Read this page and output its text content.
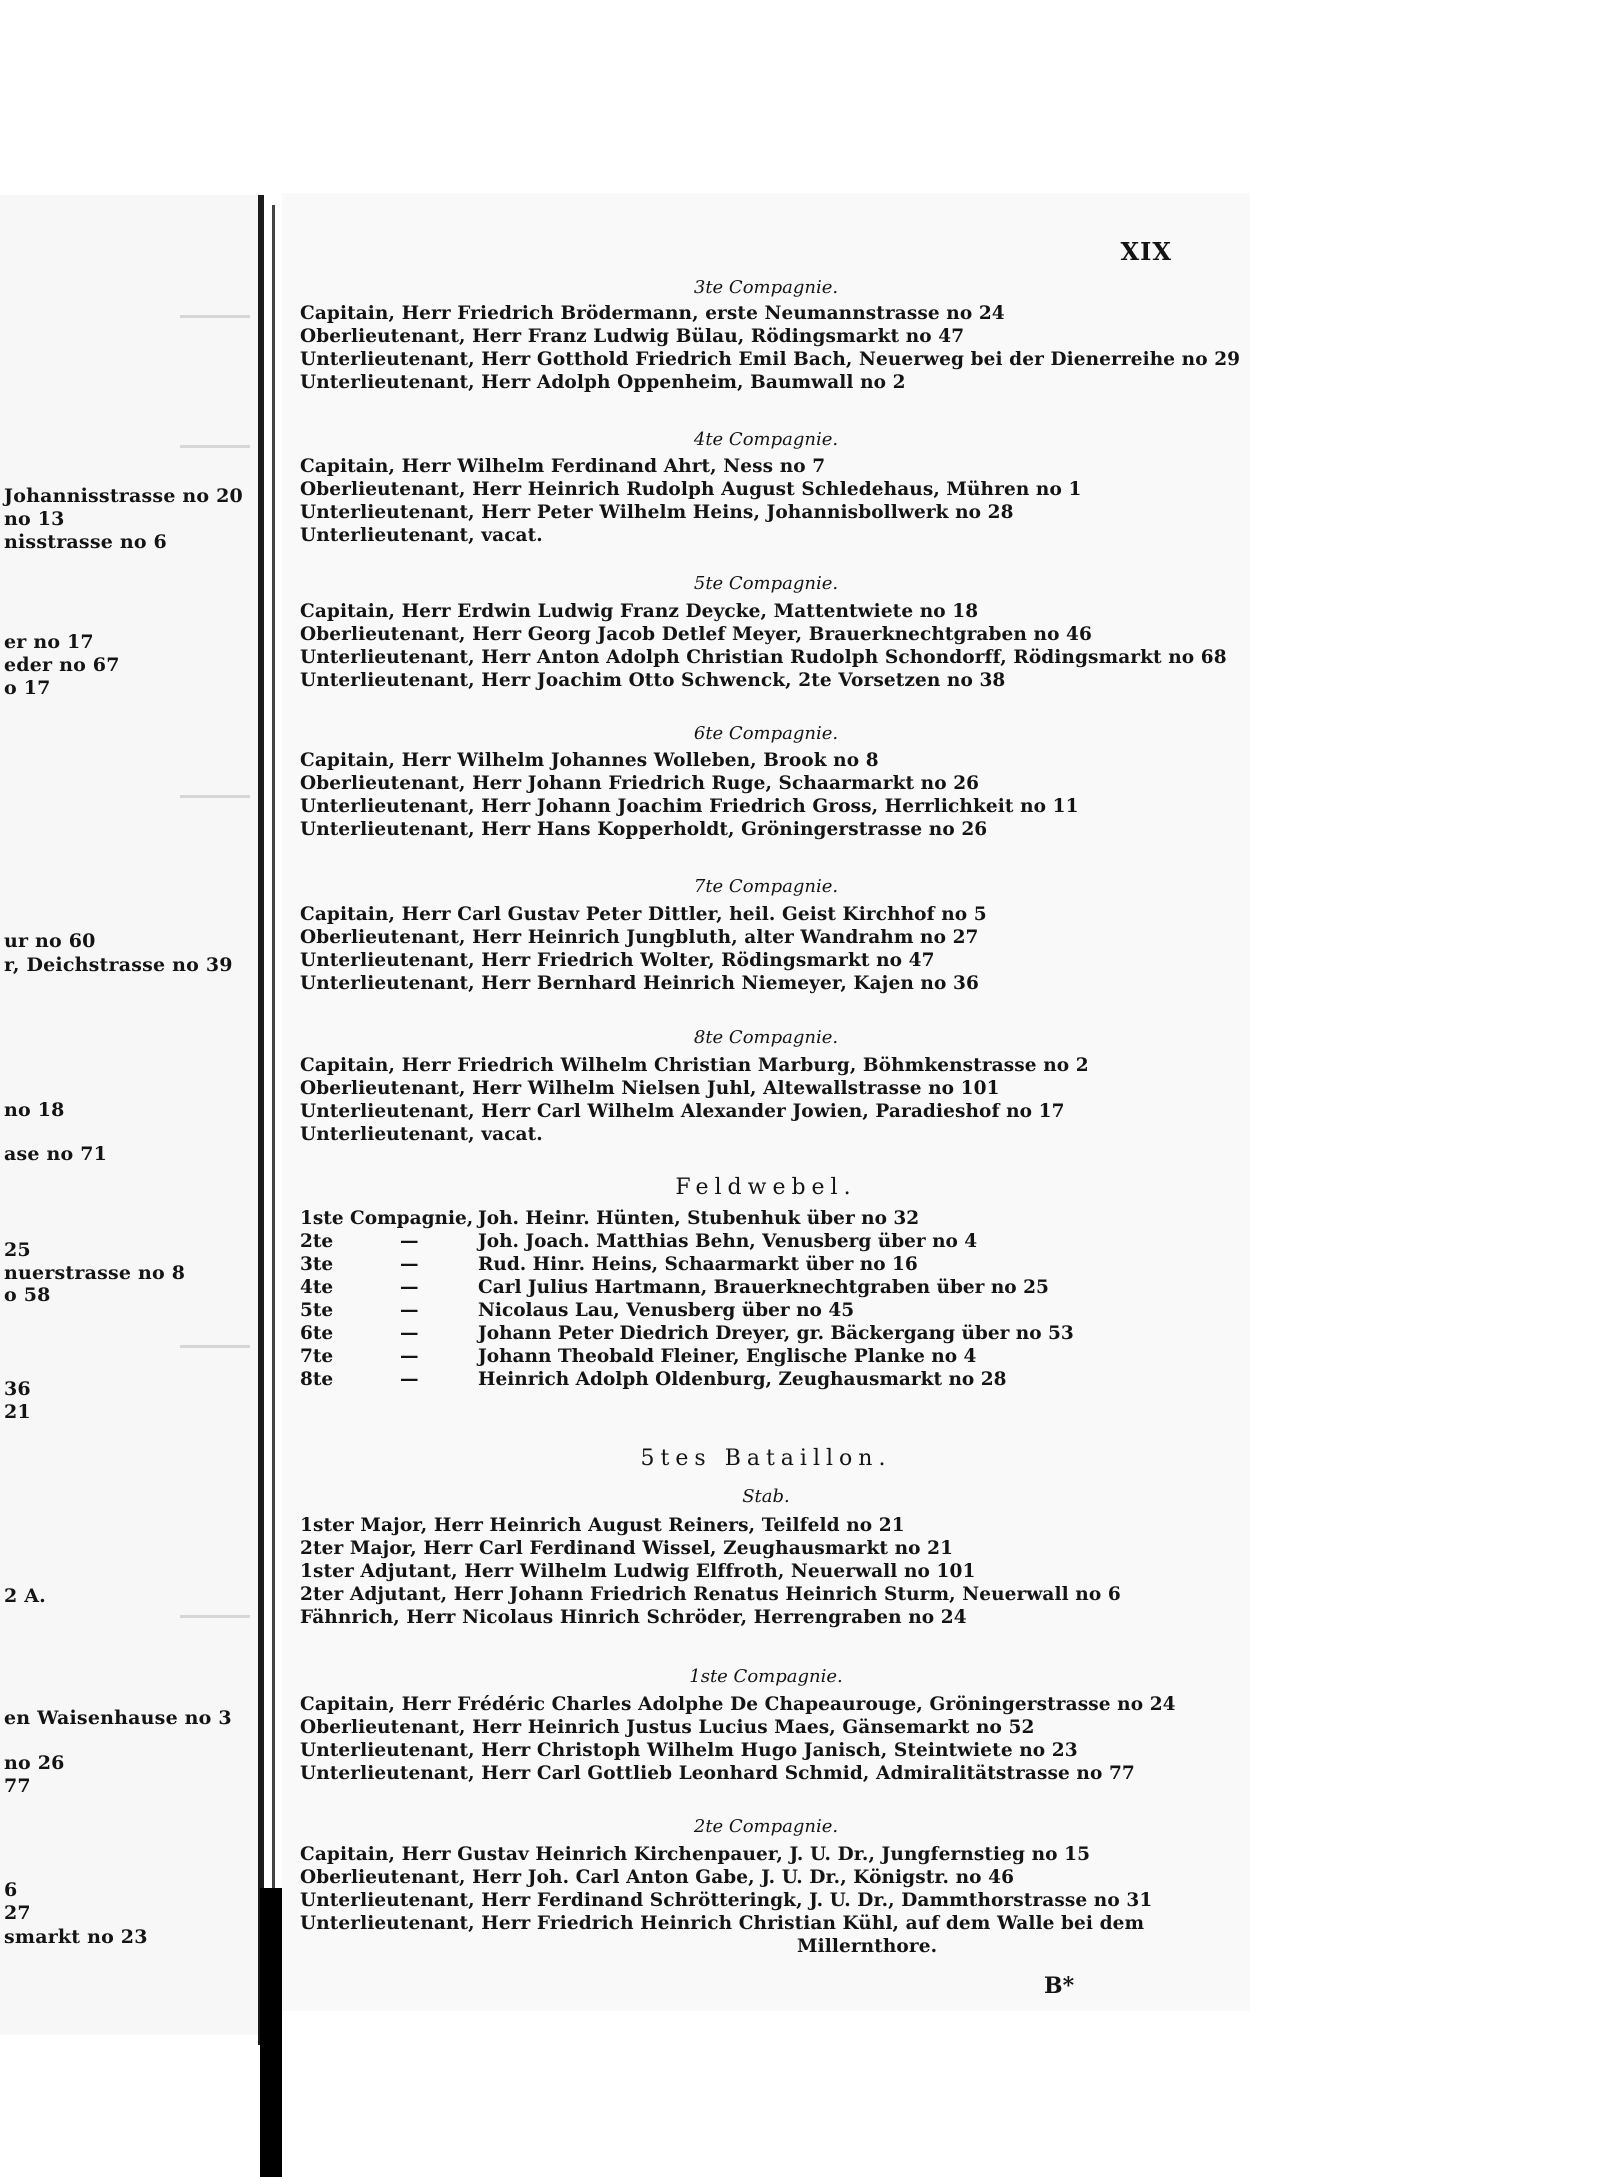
Johannisstrasse no 20
no 13
nisstrasse no 6
er no 17
eder no 67
o 17
ur no 60
r, Deichstrasse no 39
no 18
ase no 71
25
nuerstrasse no 8
o 58
36
21
2 A.
en Waisenhause no 3
no 26
77
6
27
smarkt no 23
XIX
3te Compagnie.
Capitain, Herr Friedrich Brödermann, erste Neumannstrasse no 24
Oberlieutenant, Herr Franz Ludwig Bülau, Rödingsmarkt no 47
Unterlieutenant, Herr Gotthold Friedrich Emil Bach, Neuerweg bei der Dienerreihe no 29
Unterlieutenant, Herr Adolph Oppenheim, Baumwall no 2
4te Compagnie.
Capitain, Herr Wilhelm Ferdinand Ahrt, Ness no 7
Oberlieutenant, Herr Heinrich Rudolph August Schledehaus, Mühren no 1
Unterlieutenant, Herr Peter Wilhelm Heins, Johannisbollwerk no 28
Unterlieutenant, vacat.
5te Compagnie.
Capitain, Herr Erdwin Ludwig Franz Deycke, Mattentwiete no 18
Oberlieutenant, Herr Georg Jacob Detlef Meyer, Brauerknechtgraben no 46
Unterlieutenant, Herr Anton Adolph Christian Rudolph Schondorff, Rödingsmarkt no 68
Unterlieutenant, Herr Joachim Otto Schwenck, 2te Vorsetzen no 38
6te Compagnie.
Capitain, Herr Wilhelm Johannes Wolleben, Brook no 8
Oberlieutenant, Herr Johann Friedrich Ruge, Schaarmarkt no 26
Unterlieutenant, Herr Johann Joachim Friedrich Gross, Herrlichkeit no 11
Unterlieutenant, Herr Hans Kopperholdt, Gröningerstrasse no 26
7te Compagnie.
Capitain, Herr Carl Gustav Peter Dittler, heil. Geist Kirchhof no 5
Oberlieutenant, Herr Heinrich Jungbluth, alter Wandrahm no 27
Unterlieutenant, Herr Friedrich Wolter, Rödingsmarkt no 47
Unterlieutenant, Herr Bernhard Heinrich Niemeyer, Kajen no 36
8te Compagnie.
Capitain, Herr Friedrich Wilhelm Christian Marburg, Böhmkenstrasse no 2
Oberlieutenant, Herr Wilhelm Nielsen Juhl, Altewallstrasse no 101
Unterlieutenant, Herr Carl Wilhelm Alexander Jowien, Paradieshof no 17
Unterlieutenant, vacat.
Feldwebel.
1ste Compagnie, Joh. Heinr. Hünten, Stubenhuk über no 32
2te	—	Joh. Joach. Matthias Behn, Venusberg über no 4
3te	—	Rud. Hinr. Heins, Schaarmarkt über no 16
4te	—	Carl Julius Hartmann, Brauerknechtgraben über no 25
5te	—	Nicolaus Lau, Venusberg über no 45
6te	—	Johann Peter Diedrich Dreyer, gr. Bäckergang über no 53
7te	—	Johann Theobald Fleiner, Englische Planke no 4
8te	—	Heinrich Adolph Oldenburg, Zeughausmarkt no 28
5tes Bataillon.
Stab.
1ster Major, Herr Heinrich August Reiners, Teilfeld no 21
2ter Major, Herr Carl Ferdinand Wissel, Zeughausmarkt no 21
1ster Adjutant, Herr Wilhelm Ludwig Elffroth, Neuerwall no 101
2ter Adjutant, Herr Johann Friedrich Renatus Heinrich Sturm, Neuerwall no 6
Fähnrich, Herr Nicolaus Hinrich Schröder, Herrengraben no 24
1ste Compagnie.
Capitain, Herr Frédéric Charles Adolphe De Chapeaurouge, Gröningerstrasse no 24
Oberlieutenant, Herr Heinrich Justus Lucius Maes, Gänsemarkt no 52
Unterlieutenant, Herr Christoph Wilhelm Hugo Janisch, Steintwiete no 23
Unterlieutenant, Herr Carl Gottlieb Leonhard Schmid, Admiralitätstrasse no 77
2te Compagnie.
Capitain, Herr Gustav Heinrich Kirchenpauer, J. U. Dr., Jungfernstieg no 15
Oberlieutenant, Herr Joh. Carl Anton Gabe, J. U. Dr., Königstr. no 46
Unterlieutenant, Herr Ferdinand Schrötteringk, J. U. Dr., Dammthorstrasse no 31
Unterlieutenant, Herr Friedrich Heinrich Christian Kühl, auf dem Walle bei dem
Millernthore.
B*
